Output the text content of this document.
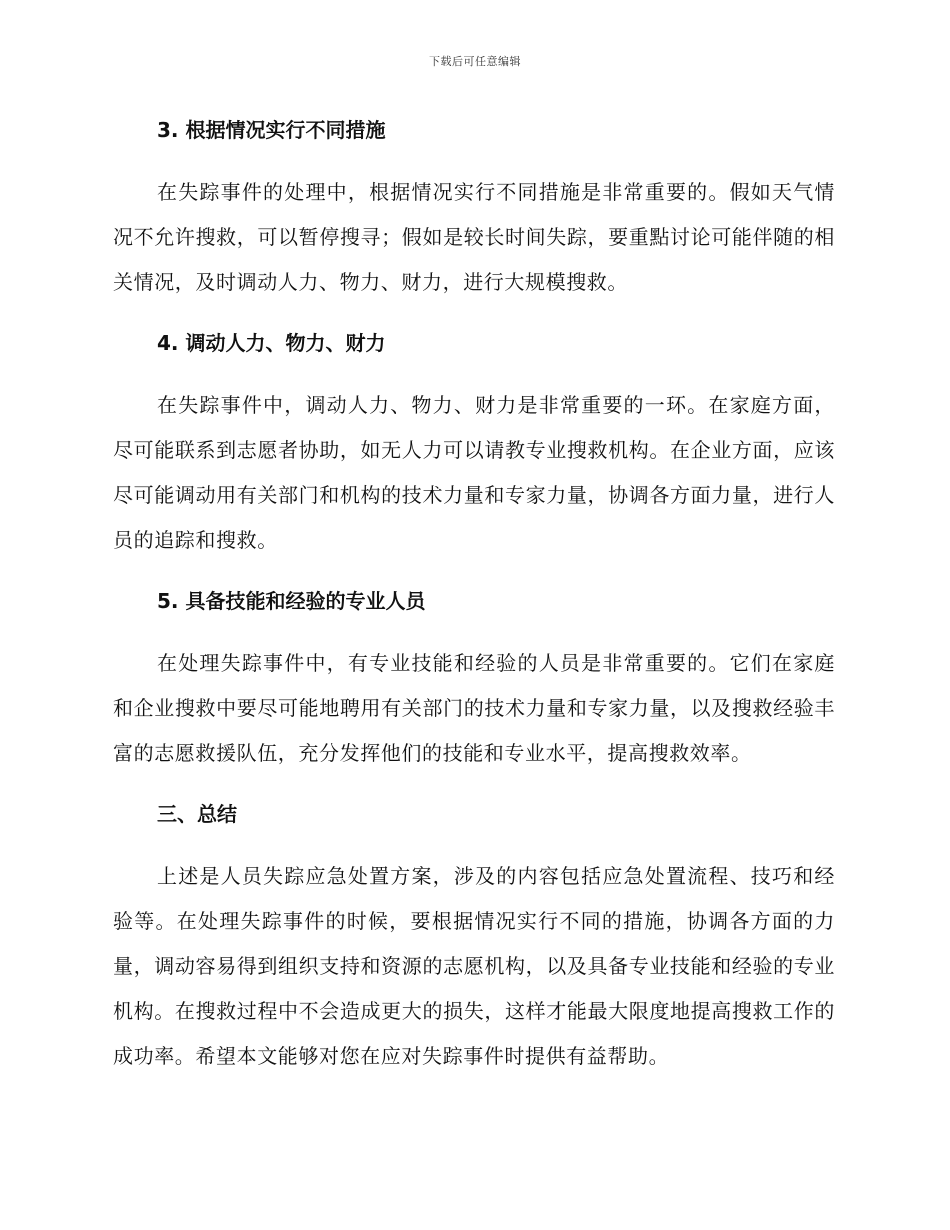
下载后可任意编辑
3. 根据情况实行不同措施

在失踪事件的处理中，根据情况实行不同措施是非常重要的。假如天气情况不允许搜救，可以暂停搜寻；假如是较长时间失踪，要重點讨论可能伴随的相关情况，及时调动人力、物力、财力，进行大规模搜救。

4. 调动人力、物力、财力

在失踪事件中，调动人力、物力、财力是非常重要的一环。在家庭方面，尽可能联系到志愿者协助，如无人力可以请教专业搜救机构。在企业方面，应该尽可能调动用有关部门和机构的技术力量和专家力量，协调各方面力量，进行人员的追踪和搜救。

5. 具备技能和经验的专业人员

在处理失踪事件中，有专业技能和经验的人员是非常重要的。它们在家庭和企业搜救中要尽可能地聘用有关部门的技术力量和专家力量，以及搜救经验丰富的志愿救援队伍，充分发挥他们的技能和专业水平，提高搜救效率。

三、总结

上述是人员失踪应急处置方案，涉及的内容包括应急处置流程、技巧和经验等。在处理失踪事件的时候，要根据情况实行不同的措施，协调各方面的力量，调动容易得到组织支持和资源的志愿机构，以及具备专业技能和经验的专业机构。在搜救过程中不会造成更大的损失，这样才能最大限度地提高搜救工作的成功率。希望本文能够对您在应对失踪事件时提供有益帮助。
